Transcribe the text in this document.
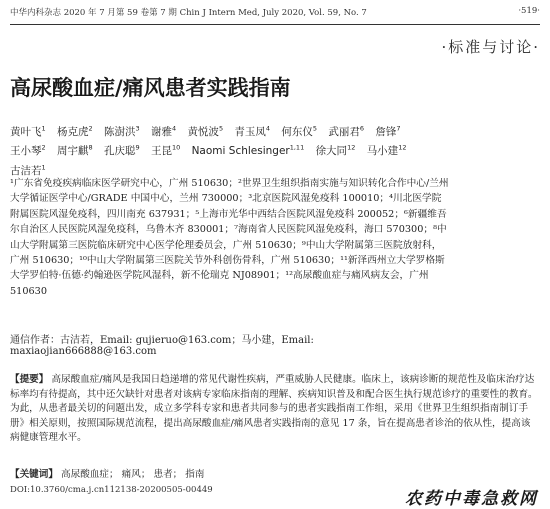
中华内科杂志 2020 年 7 月第 59 卷第 7 期 Chin J Intern Med, July 2020, Vol. 59, No. 7	·519·
·标准与讨论·
高尿酸血症/痛风患者实践指南
黄叶飞$^1$ 杨克虎$^2$ 陈澍洪$^3$ 谢雅$^4$ 黄悦波$^5$ 青玉凤$^4$ 何东仪$^5$ 武丽君$^6$ 詹锋$^7$ 王小琴$^2$ 周宇麒$^8$ 孔庆聪$^9$ 王昆$^{10}$ Naomi Schlesinger$^{1,11}$ 徐大同$^{12}$ 马小建$^{12}$ 古洁若$^1$
¹广东省免疫疾病临床医学研究中心，广州 510630；²世界卫生组织指南实施与知识转化合作中心/兰州大学循证医学中心/GRADE 中国中心，兰州 730000；³北京医院风湿免疫科 100010；⁴川北医学院附属医院风湿免疫科，四川南充 637931；⁵上海市光华中西结合医院风湿免疫科 200052；⁶新疆维吾尔自治区人民医院风湿免疫科，乌鲁木齐 830001；⁷海南省人民医院风湿免疫科，海口 570300；⁸中山大学附属第三医院临床研究中心医学伦理委员会，广州 510630；⁹中山大学附属第三医院放射科，广州 510630；¹⁰中山大学附属第三医院关节外科创伤骨科，广州 510630；¹¹新泽西州立大学罗格斯大学罗伯特·伍德·约翰逊医学院风湿科，新不伦瑞克 NJ08901；¹²高尿酸血症与痛风病友会，广州 510630
通信作者：古洁若，Email: gujieruo@163.com；马小建，Email: maxiaojian666888@163.com
【提要】 高尿酸血症/痛风是我国日趋递增的常见代谢性疾病，严重威胁人民健康。临床上，该病诊断的规范性及临床治疗达标率均有待提高，其中还欠缺针对患者对该病专家临床指南的理解、疾病知识普及和配合医生执行规范诊疗的重要性的教育。为此，从患者最关切的问题出发，成立多学科专家和患者共同参与的患者实践指南工作组，采用《世界卫生组织指南制订手册》相关原则，按照国际规范流程，提出高尿酸血症/痛风患者实践指南的意见 17 条，旨在提高患者诊治的依从性，提高该病健康管理水平。
【关键词】 高尿酸血症； 痛风； 患者； 指南
DOI:10.3760/cma.j.cn112138-20200505-00449	农药中毒急救网
